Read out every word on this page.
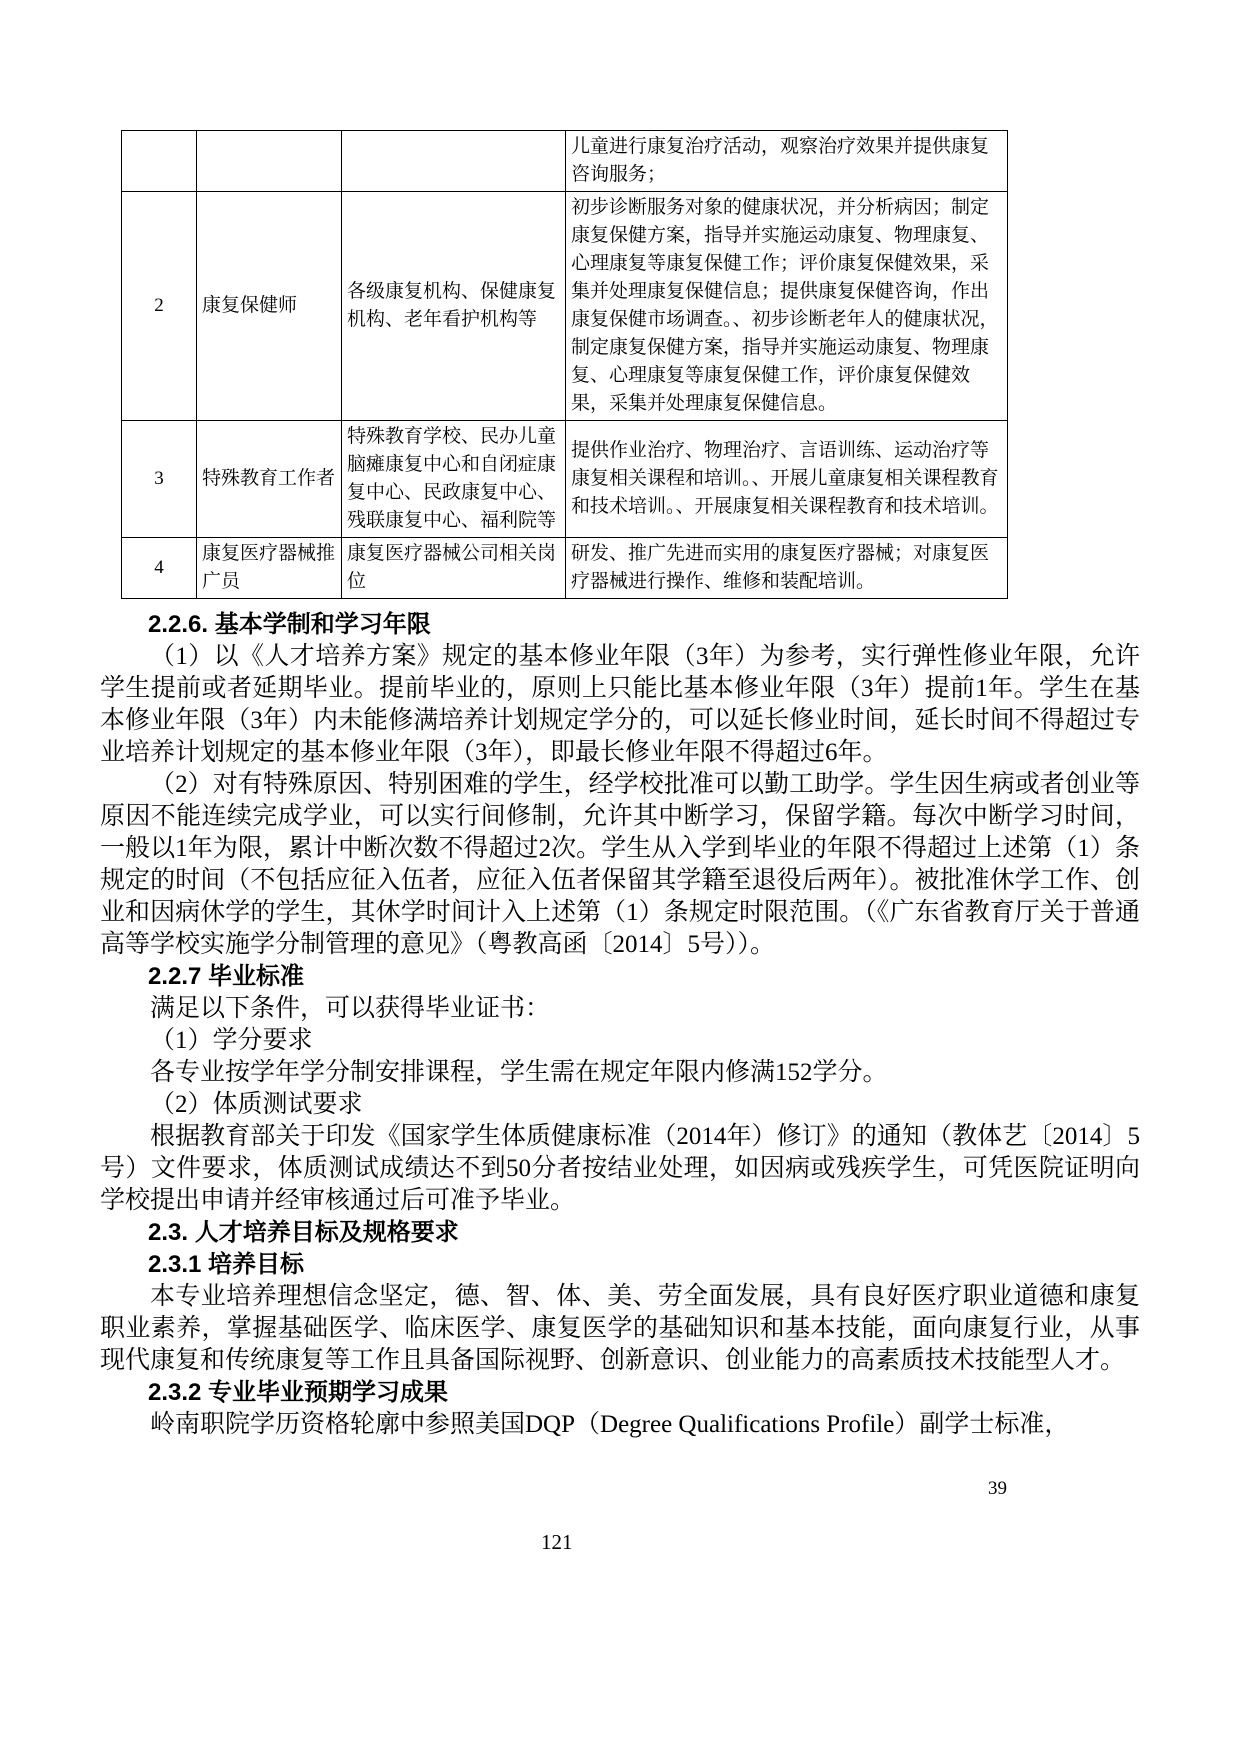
			儿童进行康复治疗活动，观察治疗效果并提供康复咨询服务；
2	康复保健师	各级康复机构、保健康复机构、老年看护机构等	初步诊断服务对象的健康状况，并分析病因；制定康复保健方案，指导并实施运动康复、物理康复、心理康复等康复保健工作；评价康复保健效果，采集并处理康复保健信息；提供康复保健咨询，作出康复保健市场调查。、初步诊断老年人的健康状况，制定康复保健方案，指导并实施运动康复、物理康复、心理康复等康复保健工作，评价康复保健效果，采集并处理康复保健信息。
3	特殊教育工作者	特殊教育学校、民办儿童脑瘫康复中心和自闭症康复中心、民政康复中心、残联康复中心、福利院等	提供作业治疗、物理治疗、言语训练、运动治疗等康复相关课程和培训。、开展儿童康复相关课程教育和技术培训。、开展康复相关课程教育和技术培训。
4	康复医疗器械推广员	康复医疗器械公司相关岗位	研发、推广先进而实用的康复医疗器械；对康复医疗器械进行操作、维修和装配培训。

2.2.6. 基本学制和学习年限

（1）以《人才培养方案》规定的基本修业年限（3年）为参考，实行弹性修业年限，允许学生提前或者延期毕业。提前毕业的，原则上只能比基本修业年限（3年）提前1年。学生在基本修业年限（3年）内未能修满培养计划规定学分的，可以延长修业时间，延长时间不得超过专业培养计划规定的基本修业年限（3年），即最长修业年限不得超过6年。

（2）对有特殊原因、特别困难的学生，经学校批准可以勤工助学。学生因生病或者创业等原因不能连续完成学业，可以实行间修制，允许其中断学习，保留学籍。每次中断学习时间，一般以1年为限，累计中断次数不得超过2次。学生从入学到毕业的年限不得超过上述第（1）条规定的时间（不包括应征入伍者，应征入伍者保留其学籍至退役后两年）。被批准休学工作、创业和因病休学的学生，其休学时间计入上述第（1）条规定时限范围。（《广东省教育厅关于普通高等学校实施学分制管理的意见》（粤教高函〔2014〕5号））。

2.2.7 毕业标准

满足以下条件，可以获得毕业证书：

（1）学分要求

各专业按学年学分制安排课程，学生需在规定年限内修满152学分。

（2）体质测试要求

根据教育部关于印发《国家学生体质健康标准（2014年）修订》的通知（教体艺〔2014〕5号）文件要求，体质测试成绩达不到50分者按结业处理，如因病或残疾学生，可凭医院证明向学校提出申请并经审核通过后可准予毕业。

2.3. 人才培养目标及规格要求

2.3.1 培养目标

本专业培养理想信念坚定，德、智、体、美、劳全面发展，具有良好医疗职业道德和康复职业素养，掌握基础医学、临床医学、康复医学的基础知识和基本技能，面向康复行业，从事现代康复和传统康复等工作且具备国际视野、创新意识、创业能力的高素质技术技能型人才。

2.3.2 专业毕业预期学习成果

岭南职院学历资格轮廓中参照美国DQP（Degree Qualifications Profile）副学士标准，

39
121
